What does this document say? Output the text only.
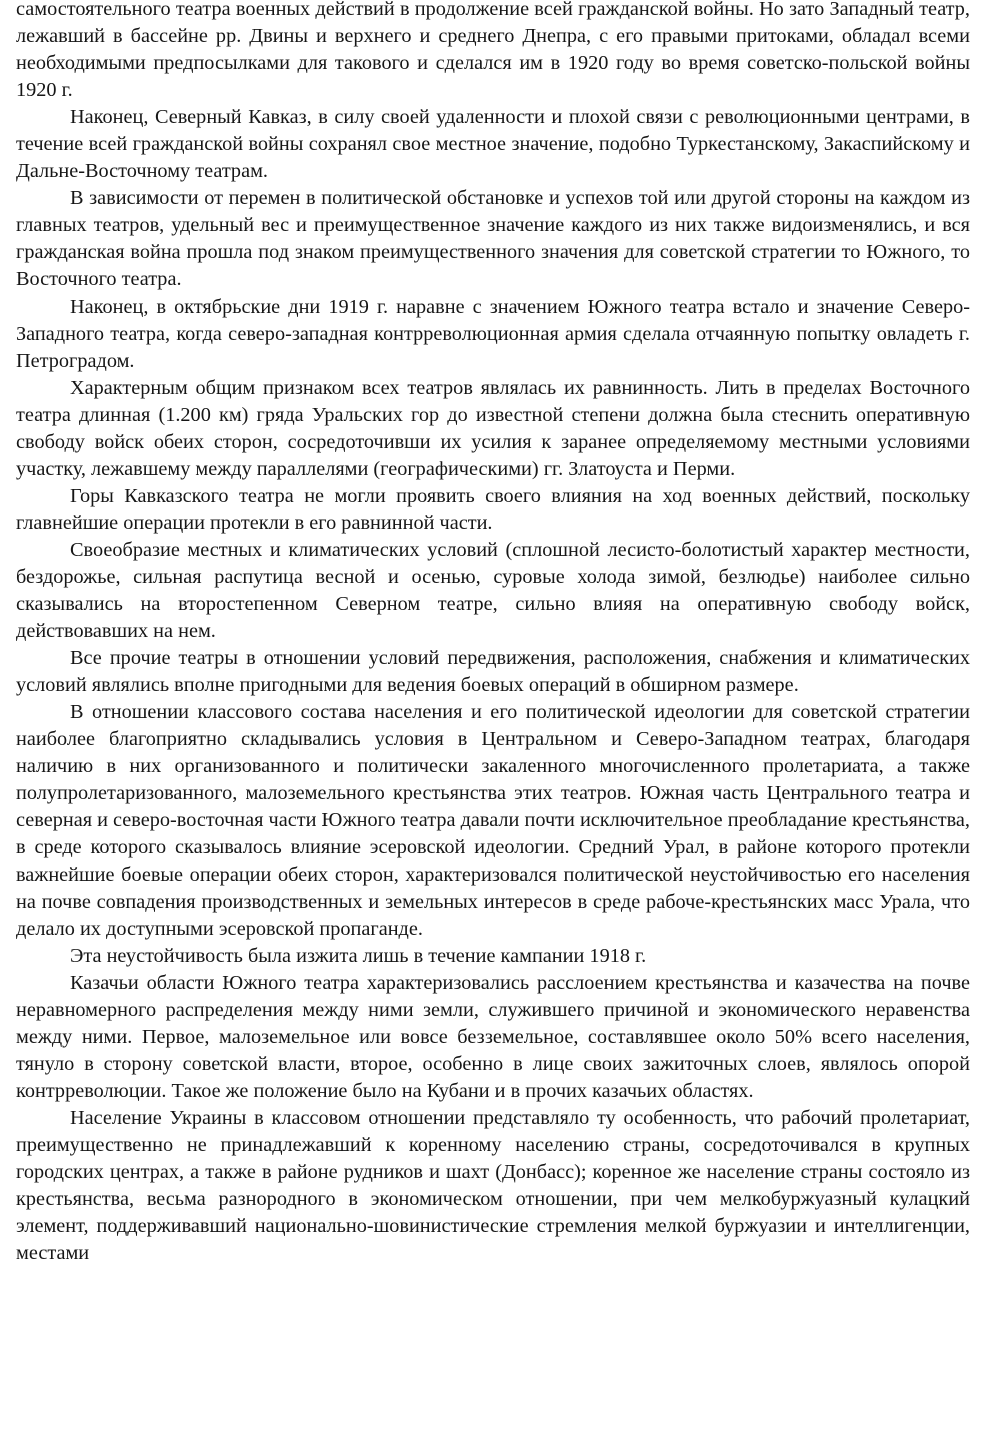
самостоятельного театра военных действий в продолжение всей гражданской войны. Но зато Западный театр, лежавший в бассейне рр. Двины и верхнего и среднего Днепра, с его правыми притоками, обладал всеми необходимыми предпосылками для такового и сделался им в 1920 году во время советско-польской войны 1920 г.

Наконец, Северный Кавказ, в силу своей удаленности и плохой связи с революционными центрами, в течение всей гражданской войны сохранял свое местное значение, подобно Туркестанскому, Закаспийскому и Дальне-Восточному театрам.

В зависимости от перемен в политической обстановке и успехов той или другой стороны на каждом из главных театров, удельный вес и преимущественное значение каждого из них также видоизменялись, и вся гражданская война прошла под знаком преимущественного значения для советской стратегии то Южного, то Восточного театра.

Наконец, в октябрьские дни 1919 г. наравне с значением Южного театра встало и значение Северо-Западного театра, когда северо-западная контрреволюционная армия сделала отчаянную попытку овладеть г. Петроградом.

Характерным общим признаком всех театров являлась их равнинность. Лить в пределах Восточного театра длинная (1.200 км) гряда Уральских гор до известной степени должна была стеснить оперативную свободу войск обеих сторон, сосредоточивши их усилия к заранее определяемому местными условиями участку, лежавшему между параллелями (географическими) гг. Златоуста и Перми.

Горы Кавказского театра не могли проявить своего влияния на ход военных действий, поскольку главнейшие операции протекли в его равнинной части.

Своеобразие местных и климатических условий (сплошной лесисто-болотистый характер местности, бездорожье, сильная распутица весной и осенью, суровые холода зимой, безлюдье) наиболее сильно сказывались на второстепенном Северном театре, сильно влияя на оперативную свободу войск, действовавших на нем.

Все прочие театры в отношении условий передвижения, расположения, снабжения и климатических условий являлись вполне пригодными для ведения боевых операций в обширном размере.

В отношении классового состава населения и его политической идеологии для советской стратегии наиболее благоприятно складывались условия в Центральном и Северо-Западном театрах, благодаря наличию в них организованного и политически закаленного многочисленного пролетариата, а также полупролетаризованного, малоземельного крестьянства этих театров. Южная часть Центрального театра и северная и северо-восточная части Южного театра давали почти исключительное преобладание крестьянства, в среде которого сказывалось влияние эсеровской идеологии. Средний Урал, в районе которого протекли важнейшие боевые операции обеих сторон, характеризовался политической неустойчивостью его населения на почве совпадения производственных и земельных интересов в среде рабоче-крестьянских масс Урала, что делало их доступными эсеровской пропаганде.

Эта неустойчивость была изжита лишь в течение кампании 1918 г.

Казачьи области Южного театра характеризовались расслоением крестьянства и казачества на почве неравномерного распределения между ними земли, служившего причиной и экономического неравенства между ними. Первое, малоземельное или вовсе безземельное, составлявшее около 50% всего населения, тянуло в сторону советской власти, второе, особенно в лице своих зажиточных слоев, являлось опорой контрреволюции. Такое же положение было на Кубани и в прочих казачьих областях.

Население Украины в классовом отношении представляло ту особенность, что рабочий пролетариат, преимущественно не принадлежавший к коренному населению страны, сосредоточивался в крупных городских центрах, а также в районе рудников и шахт (Донбасс); коренное же население страны состояло из крестьянства, весьма разнородного в экономическом отношении, при чем мелкобуржуазный кулацкий элемент, поддерживавший национально-шовинистические стремления мелкой буржуазии и интеллигенции, местами
